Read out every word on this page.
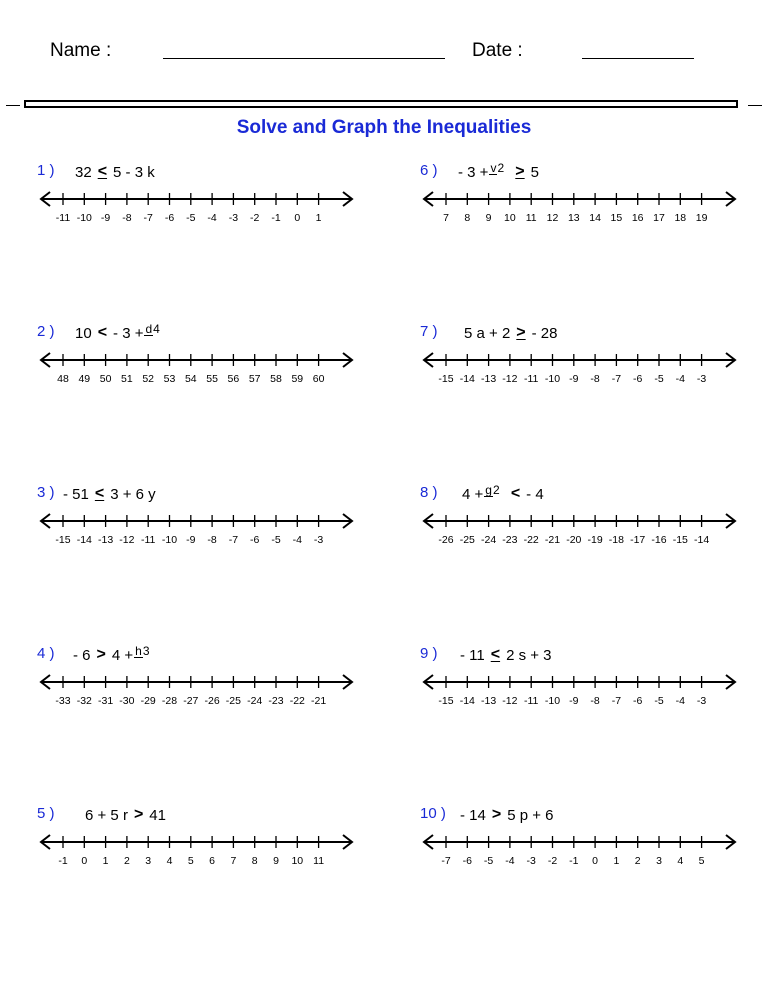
Name :	Date :
Solve and Graph the Inequalities
1 ) 32 < 5 - 3 k
-11 -10 -9 -8 -7 -6 -5 -4 -3 -2 -1 0 1
2 ) 10 < - 3 + d4
48 49 50 51 52 53 54 55 56 57 58 59 60
3 ) - 51 < 3 + 6 y
-15 -14 -13 -12 -11 -10 -9 -8 -7 -6 -5 -4 -3
4 ) - 6 > 4 + h3
-33 -32 -31 -30 -29 -28 -27 -26 -25 -24 -23 -22 -21
5 ) 6 + 5 r > 41
-1 0 1 2 3 4 5 6 7 8 9 10 11
6 ) - 3 + v2
> 5
7 8 9 10 11 12 13 14 15 16 17 18 19
7 ) 5 a + 2 > - 28
-15 -14 -13 -12 -11 -10 -9 -8 -7 -6 -5 -4 -3
8 ) 4 + g2
< - 4
-26 -25 -24 -23 -22 -21 -20 -19 -18 -17 -16 -15 -14
9 ) - 11 < 2 s + 3
-15 -14 -13 -12 -11 -10 -9 -8 -7 -6 -5 -4 -3
10 ) - 14 > 5 p + 6
-7 -6 -5 -4 -3 -2 -1 0 1 2 3 4 5
